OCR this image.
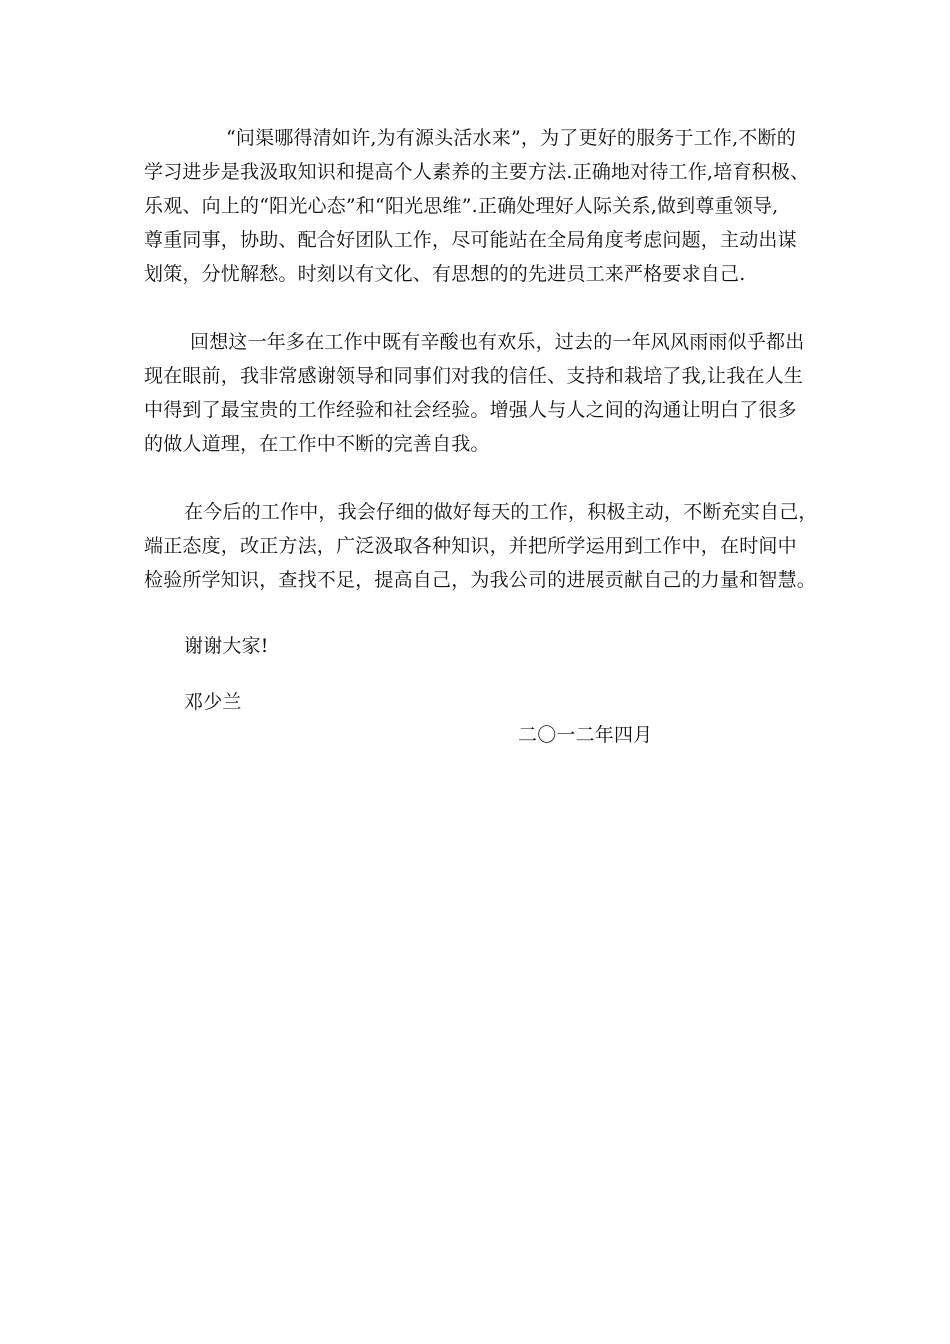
“问渠哪得清如许,为有源头活水来”，为了更好的服务于工作,不断的
学习进步是我汲取知识和提高个人素养的主要方法.正确地对待工作,培育积极、
乐观、向上的“阳光心态”和“阳光思维”.正确处理好人际关系,做到尊重领导,
尊重同事，协助、配合好团队工作，尽可能站在全局角度考虑问题，主动出谋
划策，分忧解愁。时刻以有文化、有思想的的先进员工来严格要求自己.
回想这一年多在工作中既有辛酸也有欢乐，过去的一年风风雨雨似乎都出
现在眼前，我非常感谢领导和同事们对我的信任、支持和栽培了我,让我在人生
中得到了最宝贵的工作经验和社会经验。增强人与人之间的沟通让明白了很多
的做人道理，在工作中不断的完善自我。
在今后的工作中，我会仔细的做好每天的工作，积极主动，不断充实自己，
端正态度，改正方法，广泛汲取各种知识，并把所学运用到工作中，在时间中
检验所学知识，查找不足，提高自己，为我公司的进展贡献自己的力量和智慧。
谢谢大家!
邓少兰
二〇一二年四月
